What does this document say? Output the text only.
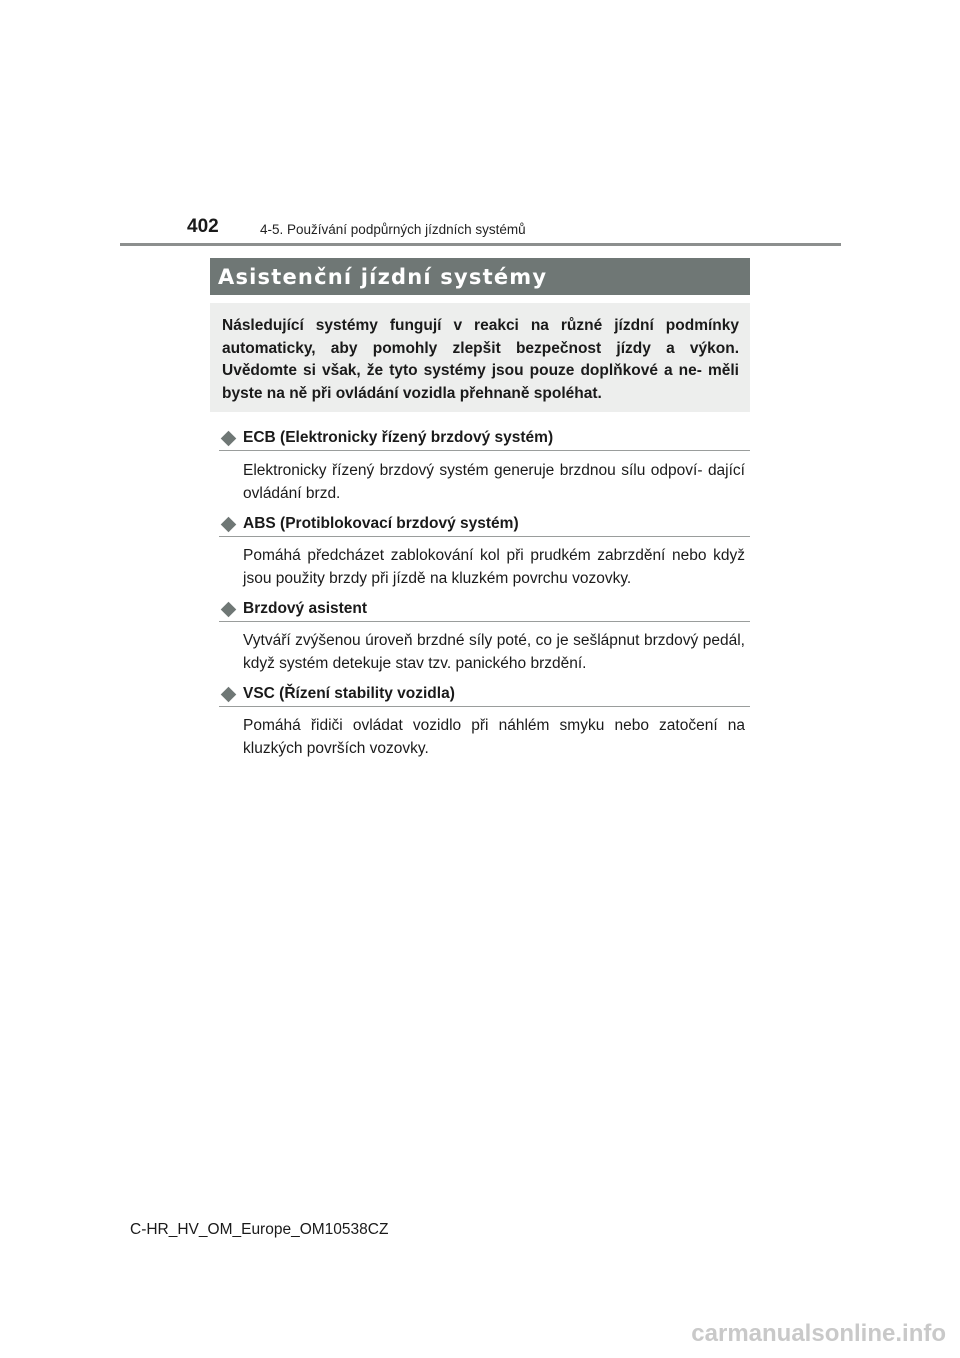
402	4-5. Používání podpůrných jízdních systémů
Asistenční jízdní systémy

Následující systémy fungují v reakci na různé jízdní podmínky automaticky, aby pomohly zlepšit bezpečnost jízdy a výkon. Uvědomte si však, že tyto systémy jsou pouze doplňkové a ne- měli byste na ně při ovládání vozidla přehnaně spoléhat.

ECB (Elektronicky řízený brzdový systém)

Elektronicky řízený brzdový systém generuje brzdnou sílu odpoví- dající ovládání brzd.

ABS (Protiblokovací brzdový systém)

Pomáhá předcházet zablokování kol při prudkém zabrzdění nebo když jsou použity brzdy při jízdě na kluzkém povrchu vozovky.

Brzdový asistent

Vytváří zvýšenou úroveň brzdné síly poté, co je sešlápnut brzdový pedál, když systém detekuje stav tzv. panického brzdění.

VSC (Řízení stability vozidla)

Pomáhá řidiči ovládat vozidlo při náhlém smyku nebo zatočení na kluzkých površích vozovky.

C-HR_HV_OM_Europe_OM10538CZ
carmanualsonline.info
